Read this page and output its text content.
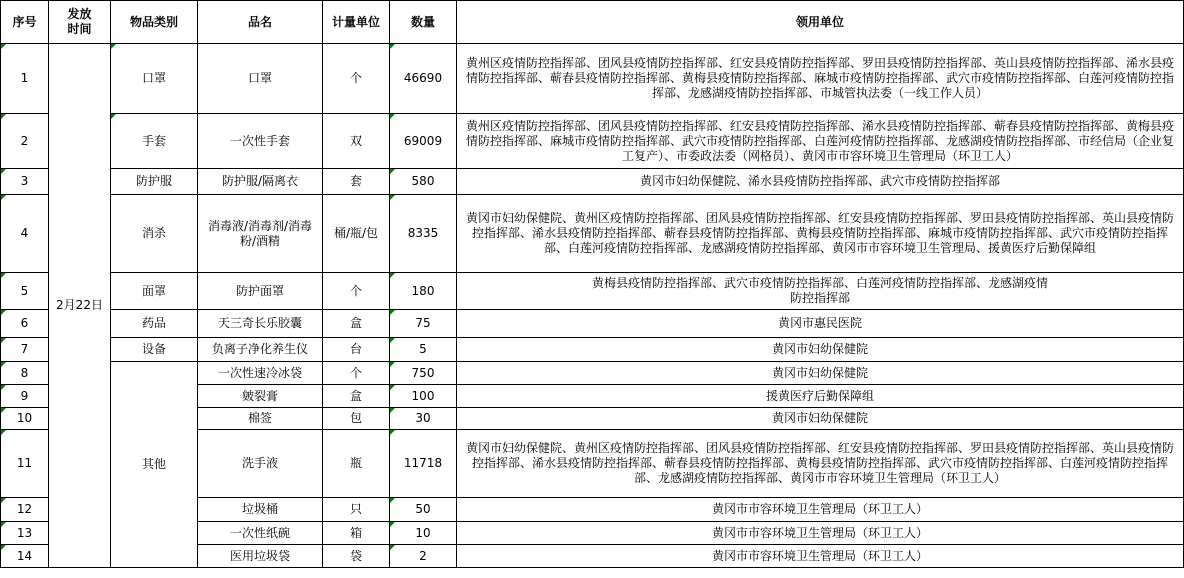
序号	发放时间	物品类别	品名	计量单位	数量	领用单位
1	2月22日	口罩	口罩	个	46690	黄州区疫情防控指挥部、团风县疫情防控指挥部、红安县疫情防控指挥部、罗田县疫情防控指挥部、英山县疫情防控指挥部、浠水县疫情防控指挥部、蕲春县疫情防控指挥部、黄梅县疫情防控指挥部、麻城市疫情防控指挥部、武穴市疫情防控指挥部、白莲河疫情防控指挥部、龙感湖疫情防控指挥部、市城管执法委（一线工作人员）
2		手套	一次性手套	双	69009	黄州区疫情防控指挥部、团风县疫情防控指挥部、红安县疫情防控指挥部、浠水县疫情防控指挥部、蕲春县疫情防控指挥部、黄梅县疫情防控指挥部、麻城市疫情防控指挥部、武穴市疫情防控指挥部、白莲河疫情防控指挥部、龙感湖疫情防控指挥部、市经信局（企业复工复产）、市委政法委（网格员）、黄冈市市容环境卫生管理局（环卫工人）
3		防护服	防护服/隔离衣	套	580	黄冈市妇幼保健院、浠水县疫情防控指挥部、武穴市疫情防控指挥部
4		消杀	消毒液/消毒剂/消毒粉/酒精	桶/瓶/包	8335	黄冈市妇幼保健院、黄州区疫情防控指挥部、团风县疫情防控指挥部、红安县疫情防控指挥部、罗田县疫情防控指挥部、英山县疫情防控指挥部、浠水县疫情防控指挥部、蕲春县疫情防控指挥部、黄梅县疫情防控指挥部、麻城市疫情防控指挥部、武穴市疫情防控指挥部、白莲河疫情防控指挥部、龙感湖疫情防控指挥部、黄冈市市容环境卫生管理局、援黄医疗后勤保障组
5		面罩	防护面罩	个	180	黄梅县疫情防控指挥部、武穴市疫情防控指挥部、白莲河疫情防控指挥部、龙感湖疫情防控指挥部
6		药品	天三奇长乐胶囊	盒	75	黄冈市惠民医院
7		设备	负离子净化养生仪	台	5	黄冈市妇幼保健院
8		其他	一次性速冷冰袋	个	750	黄冈市妇幼保健院
9			皴裂膏	盒	100	援黄医疗后勤保障组
10			棉签	包	30	黄冈市妇幼保健院
11			洗手液	瓶	11718	黄冈市妇幼保健院、黄州区疫情防控指挥部、团风县疫情防控指挥部、红安县疫情防控指挥部、罗田县疫情防控指挥部、英山县疫情防控指挥部、浠水县疫情防控指挥部、蕲春县疫情防控指挥部、黄梅县疫情防控指挥部、武穴市疫情防控指挥部、白莲河疫情防控指挥部、龙感湖疫情防控指挥部、黄冈市市容环境卫生管理局（环卫工人）
12			垃圾桶	只	50	黄冈市市容环境卫生管理局（环卫工人）
13			一次性纸碗	箱	10	黄冈市市容环境卫生管理局（环卫工人）
14			医用垃圾袋	袋	2	黄冈市市容环境卫生管理局（环卫工人）
